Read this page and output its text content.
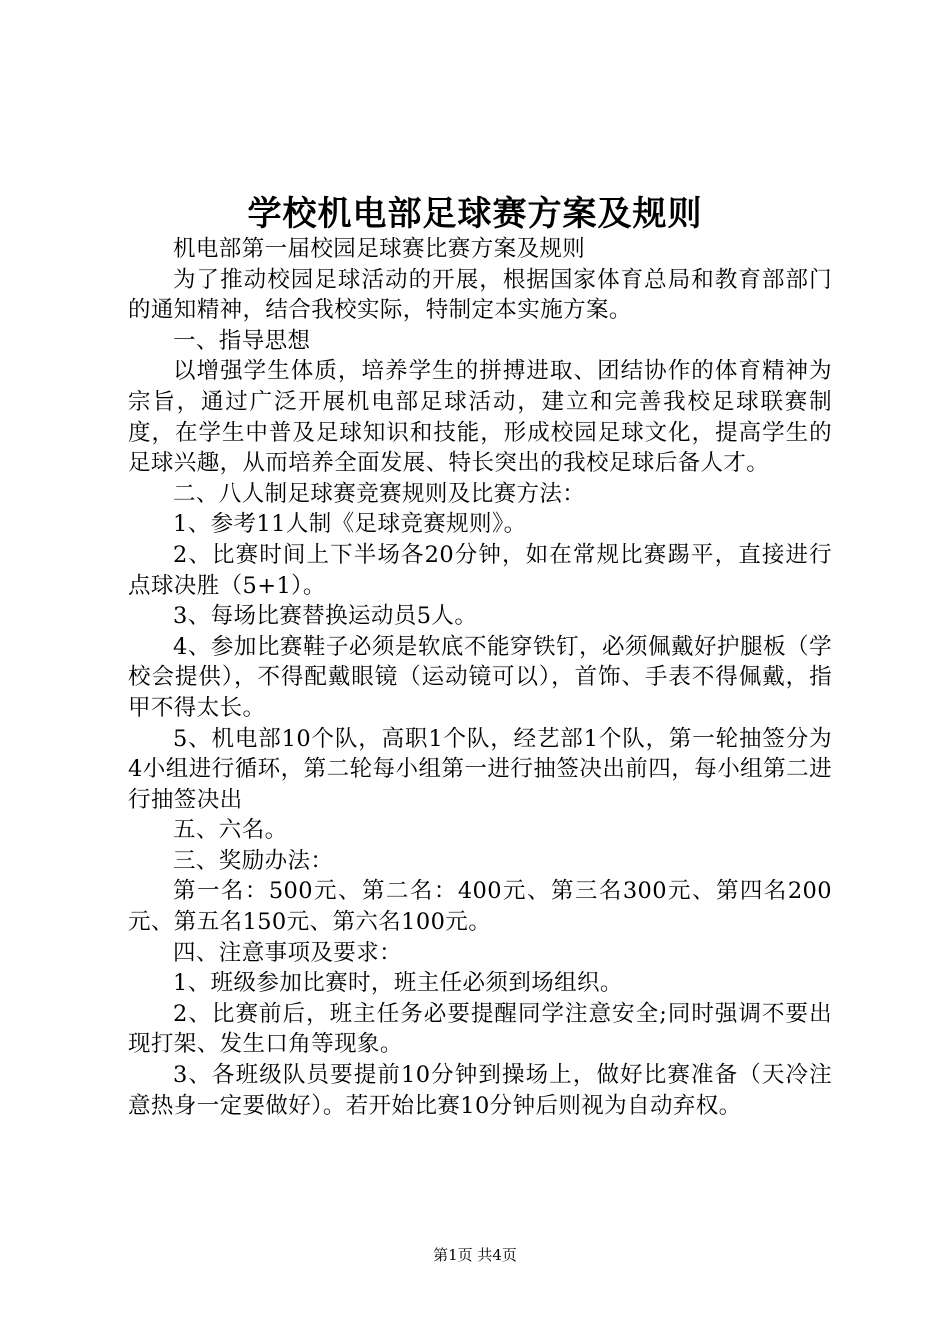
学校机电部足球赛方案及规则

机电部第一届校园足球赛比赛方案及规则

为了推动校园足球活动的开展，根据国家体育总局和教育部部门的通知精神，结合我校实际，特制定本实施方案。

一、指导思想

以增强学生体质，培养学生的拼搏进取、团结协作的体育精神为宗旨，通过广泛开展机电部足球活动，建立和完善我校足球联赛制度，在学生中普及足球知识和技能，形成校园足球文化，提高学生的足球兴趣，从而培养全面发展、特长突出的我校足球后备人才。

二、八人制足球赛竞赛规则及比赛方法：

1、参考11人制《足球竞赛规则》。

2、比赛时间上下半场各20分钟，如在常规比赛踢平，直接进行点球决胜（5+1）。

3、每场比赛替换运动员5人。

4、参加比赛鞋子必须是软底不能穿铁钉，必须佩戴好护腿板（学校会提供），不得配戴眼镜（运动镜可以），首饰、手表不得佩戴，指甲不得太长。

5、机电部10个队，高职1个队，经艺部1个队，第一轮抽签分为4小组进行循环，第二轮每小组第一进行抽签决出前四，每小组第二进行抽签决出

五、六名。

三、奖励办法：

第一名：500元、第二名：400元、第三名300元、第四名200元、第五名150元、第六名100元。

四、注意事项及要求：

1、班级参加比赛时，班主任必须到场组织。

2、比赛前后，班主任务必要提醒同学注意安全;同时强调不要出现打架、发生口角等现象。

3、各班级队员要提前10分钟到操场上，做好比赛准备（天冷注意热身一定要做好）。若开始比赛10分钟后则视为自动弃权。

第1页 共4页
